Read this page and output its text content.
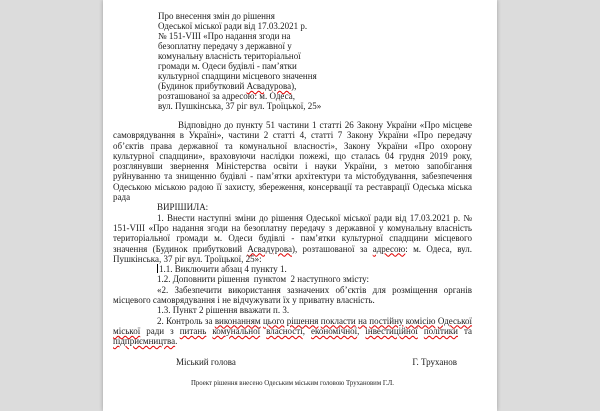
Про внесення змін до рішення
Одеської міської ради від 17.03.2021 р.
№ 151-VIII «Про надання згоди на
безоплатну передачу з державної у
комунальну власність територіальної
громади м. Одеси будівлі - пам’ятки
культурної спадщини місцевого значення
(Будинок прибутковий Асвадурова),
розташованої за адресою: м. Одеса,
вул. Пушкінська, 37 ріг вул. Троїцької, 25»

Відповідно до пункту 51 частини 1 статті 26 Закону України «Про місцеве самоврядування в Україні», частини 2 статті 4, статті 7 Закону України «Про передачу об’єктів права державної та комунальної власності», Закону України «Про охорону культурної спадщини», враховуючи наслідки пожежі, що сталась 04 грудня 2019 року, розглянувши звернення Міністерства освіти і науки України, з метою запобігання руйнуванню та знищенню будівлі - пам’ятки архітектури та містобудування, забезпечення Одеською міською радою її захисту, збереження, консервації та реставрації Одеська міська рада

ВИРІШИЛА:

1. Внести наступні зміни до рішення Одеської міської ради від 17.03.2021 р. № 151-VIII «Про надання згоди на безоплатну передачу з державної у комунальну власність територіальної громади м. Одеси будівлі - пам’ятки культурної спадщини місцевого значення (Будинок прибутковий Асвадурова), розташованої за адресою: м. Одеса, вул. Пушкінська, 37 ріг вул. Троїцької, 25»:

1.1. Виключити абзац 4 пункту 1.

1.2. Доповнити рішення  пунктом  2 наступного змісту:

«2. Забезпечити використання зазначених об’єктів для розміщення органів місцевого самоврядування і не відчужувати їх у приватну власність.

1.3. Пункт 2 рішення вважати п. 3.

2. Контроль за виконанням цього рішення покласти на постійну комісію Одеської міської ради з питань комунальної власності, економічної, інвестиційної політики та підприємництва.

Міський голова	Г. Труханов
Проект рішення внесено Одеським міським головою Трухановим Г.Л.
